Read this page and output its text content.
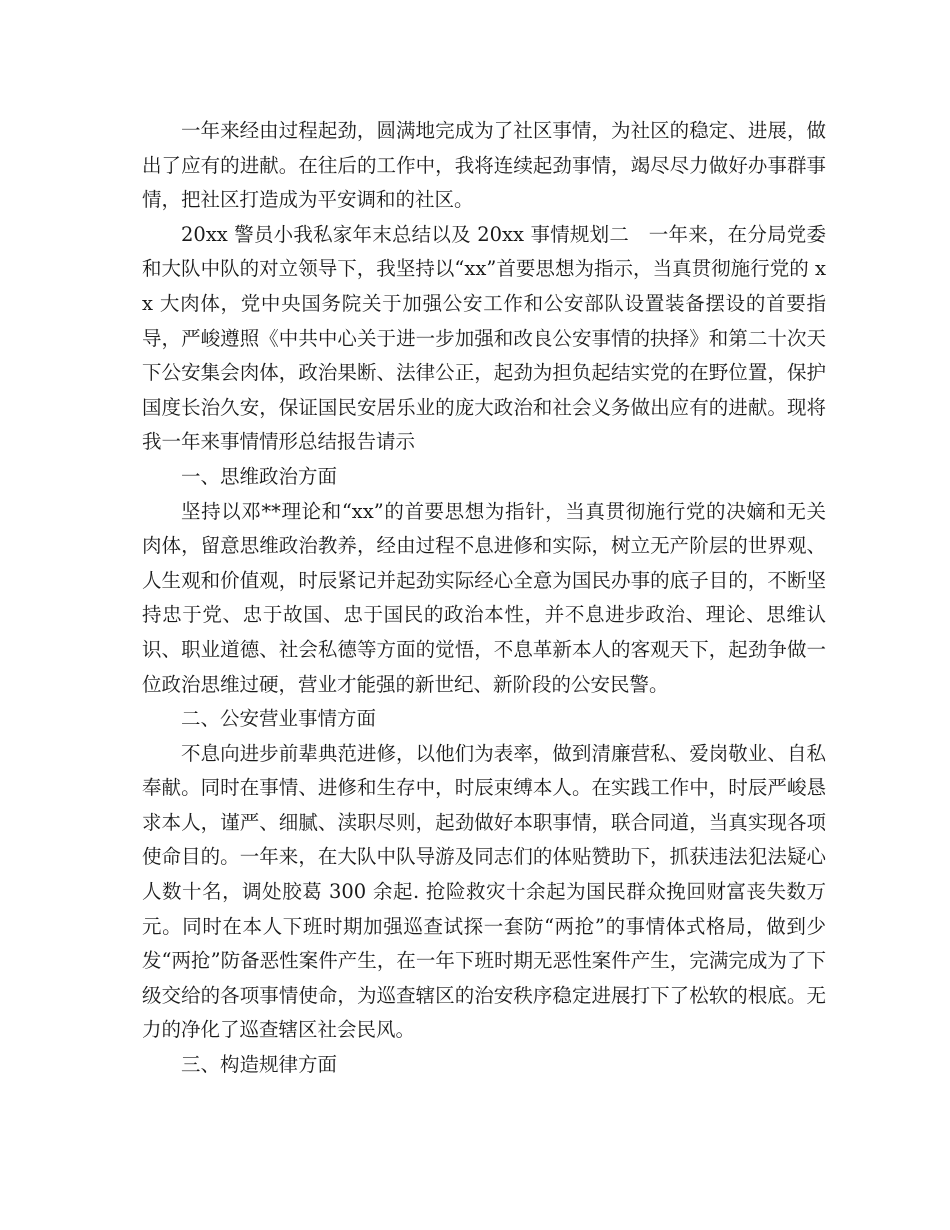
一年来经由过程起劲，圆满地完成为了社区事情，为社区的稳定、进展，做出了应有的进献。在往后的工作中，我将连续起劲事情，竭尽尽力做好办事群事情，把社区打造成为平安调和的社区。

20xx 警员小我私家年末总结以及 20xx 事情规划二　一年来，在分局党委和大队中队的对立领导下，我坚持以“xx”首要思想为指示，当真贯彻施行党的 xx 大肉体，党中央国务院关于加强公安工作和公安部队设置装备摆设的首要指导，严峻遵照《中共中心关于进一步加强和改良公安事情的抉择》和第二十次天下公安集会肉体，政治果断、法律公正，起劲为担负起结实党的在野位置，保护国度长治久安，保证国民安居乐业的庞大政治和社会义务做出应有的进献。现将我一年来事情情形总结报告请示

一、思维政治方面

坚持以邓**理论和“xx”的首要思想为指针，当真贯彻施行党的决嫡和无关肉体，留意思维政治教养，经由过程不息进修和实际，树立无产阶层的世界观、人生观和价值观，时辰紧记并起劲实际经心全意为国民办事的底子目的，不断坚持忠于党、忠于故国、忠于国民的政治本性，并不息进步政治、理论、思维认识、职业道德、社会私德等方面的觉悟，不息革新本人的客观天下，起劲争做一位政治思维过硬，营业才能强的新世纪、新阶段的公安民警。

二、公安营业事情方面

不息向进步前辈典范进修，以他们为表率，做到清廉营私、爱岗敬业、自私奉献。同时在事情、进修和生存中，时辰束缚本人。在实践工作中，时辰严峻恳求本人，谨严、细腻、渎职尽则，起劲做好本职事情，联合同道，当真实现各项使命目的。一年来，在大队中队导游及同志们的体贴赞助下，抓获违法犯法疑心人数十名，调处胶葛 300 余起. 抢险救灾十余起为国民群众挽回财富丧失数万元。同时在本人下班时期加强巡查试探一套防“两抢”的事情体式格局，做到少发“两抢”防备恶性案件产生，在一年下班时期无恶性案件产生，完满完成为了下级交给的各项事情使命，为巡查辖区的治安秩序稳定进展打下了松软的根底。无力的净化了巡查辖区社会民风。

三、构造规律方面
